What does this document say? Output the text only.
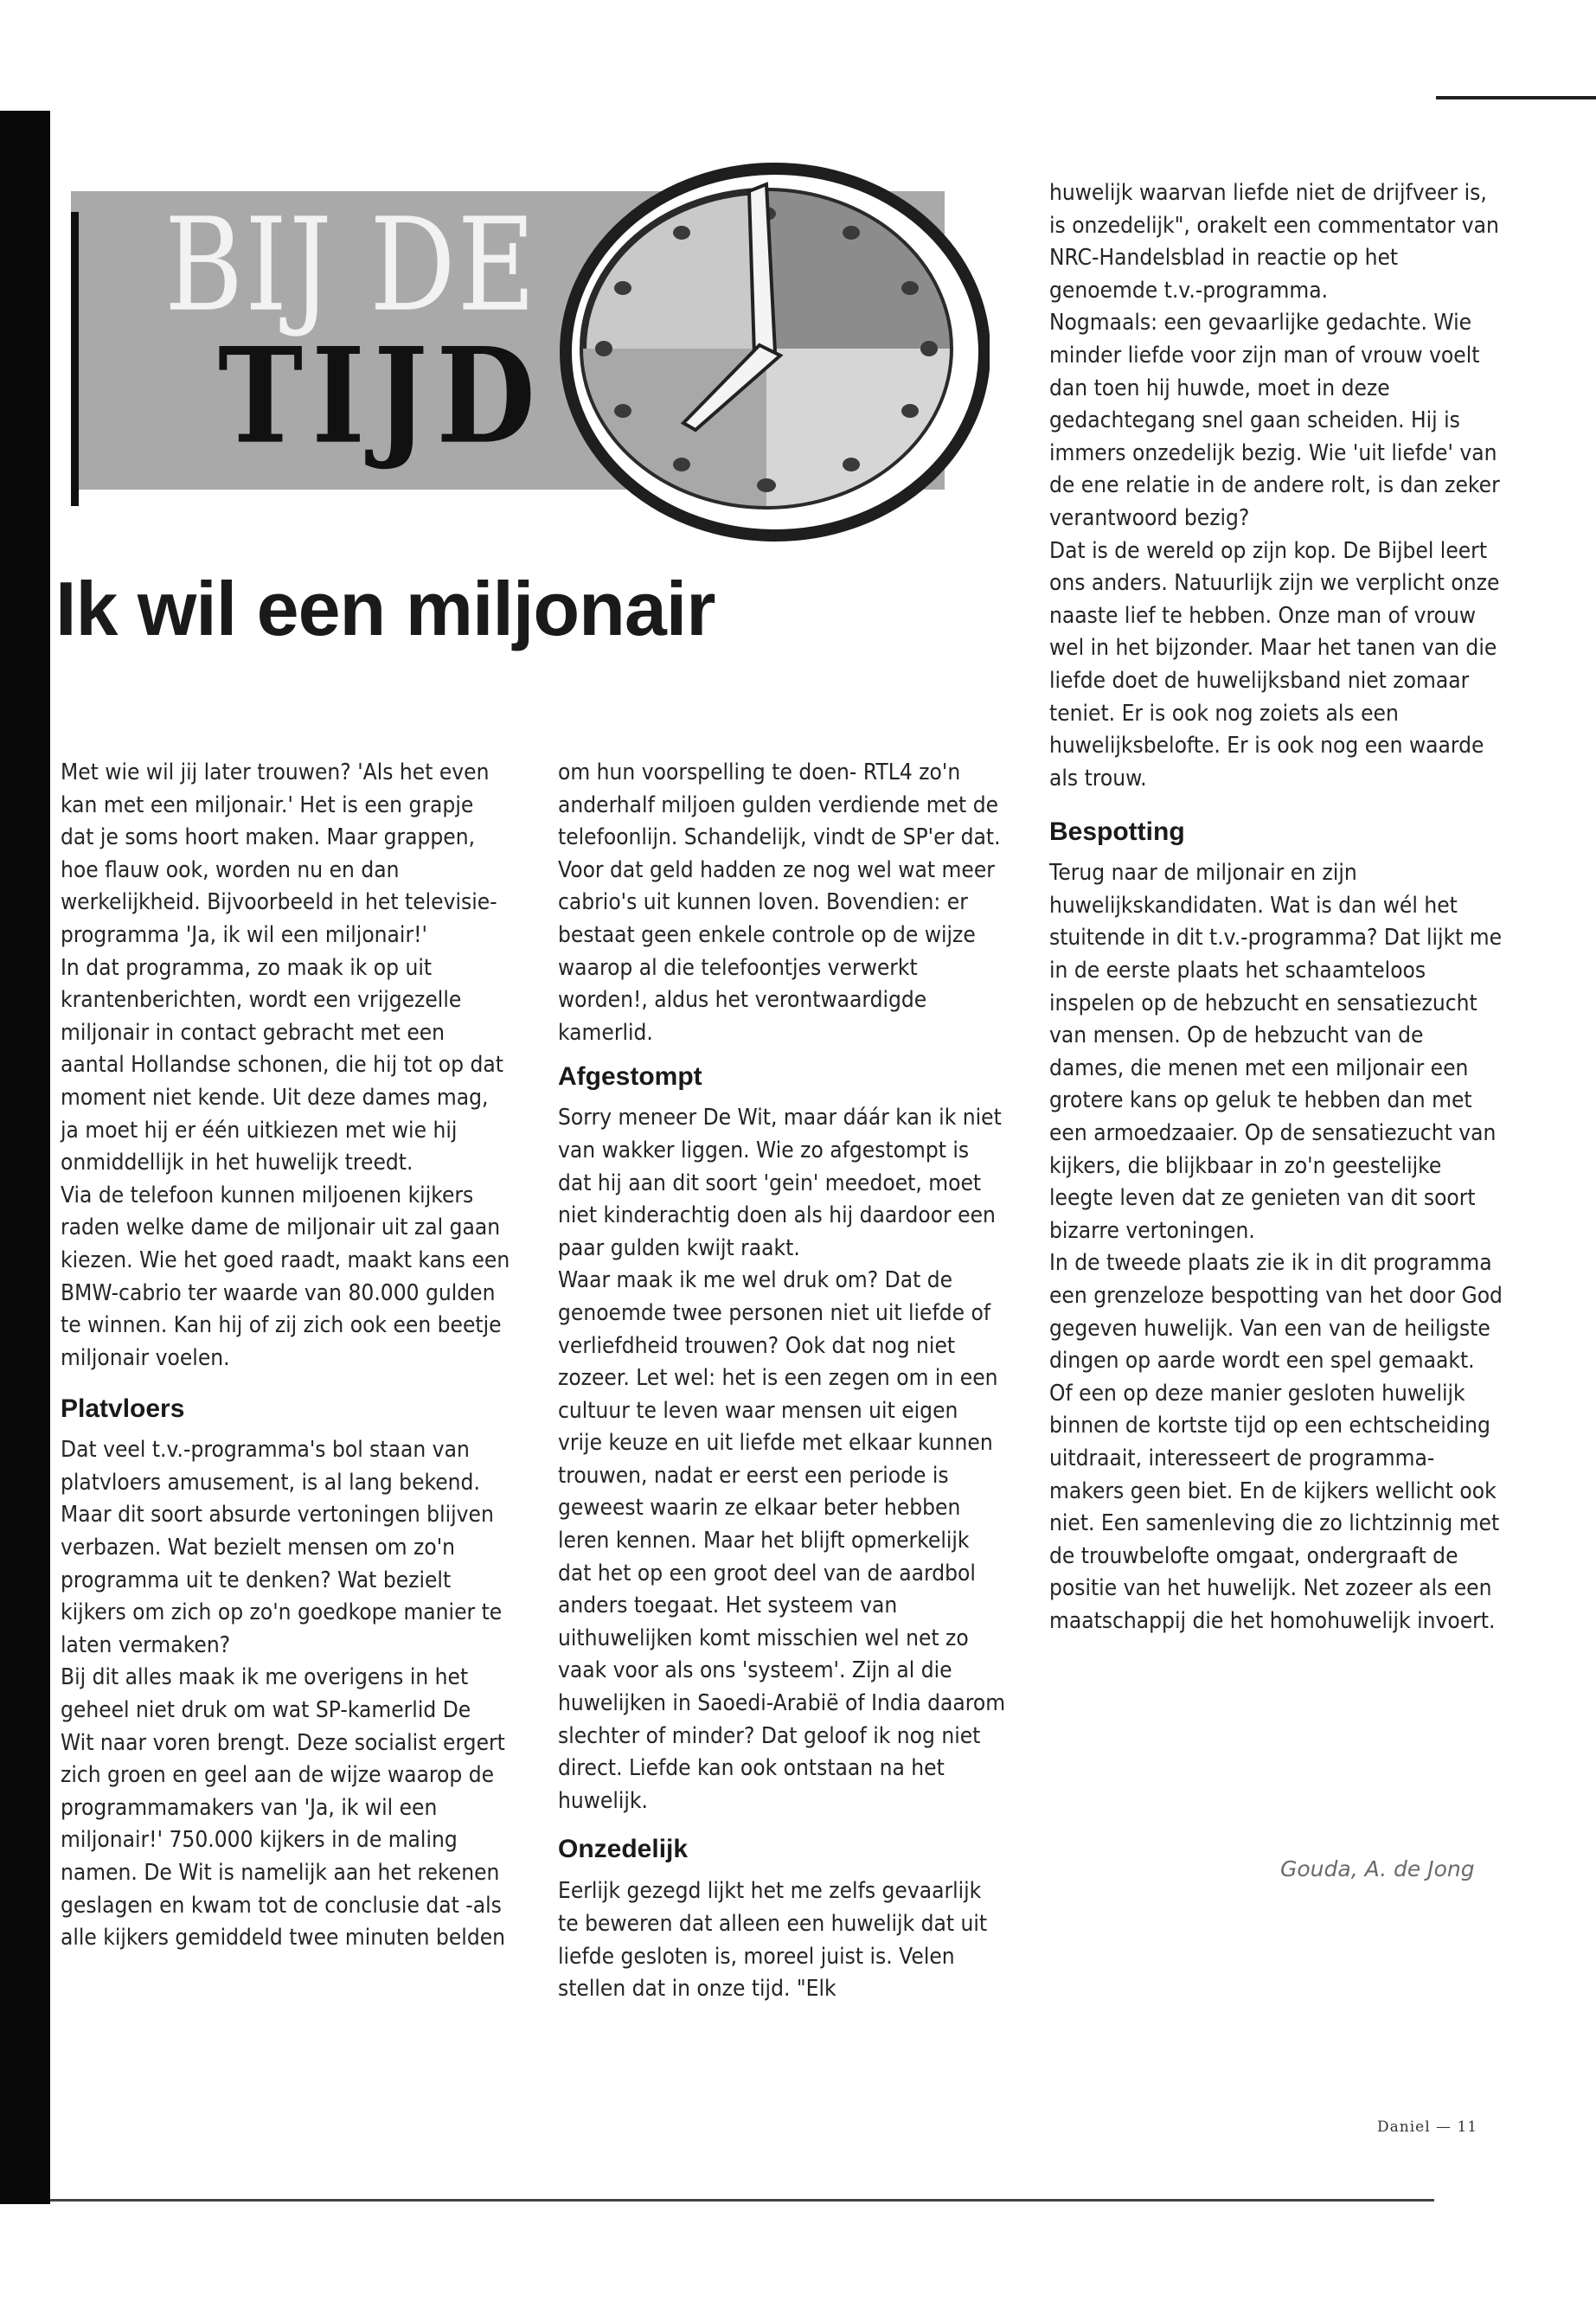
BIJ DE
TIJD
Ik wil een miljonair

Met wie wil jij later trouwen? 'Als het even kan met een miljonair.' Het is een grapje dat je soms hoort maken. Maar grappen, hoe flauw ook, worden nu en dan werkelijkheid. Bijvoorbeeld in het televisie-programma 'Ja, ik wil een miljonair!'

In dat programma, zo maak ik op uit krantenberichten, wordt een vrijgezelle miljonair in contact gebracht met een aantal Hollandse schonen, die hij tot op dat moment niet kende. Uit deze dames mag, ja moet hij er één uitkiezen met wie hij onmiddellijk in het huwelijk treedt.

Via de telefoon kunnen miljoenen kijkers raden welke dame de miljonair uit zal gaan kiezen. Wie het goed raadt, maakt kans een BMW-cabrio ter waarde van 80.000 gulden te winnen. Kan hij of zij zich ook een beetje miljonair voelen.

Platvloers

Dat veel t.v.-programma's bol staan van platvloers amusement, is al lang bekend. Maar dit soort absurde vertoningen blijven verbazen. Wat bezielt mensen om zo'n programma uit te denken? Wat bezielt kijkers om zich op zo'n goedkope manier te laten vermaken?

Bij dit alles maak ik me overigens in het geheel niet druk om wat SP-kamerlid De Wit naar voren brengt. Deze socialist ergert zich groen en geel aan de wijze waarop de programmamakers van 'Ja, ik wil een miljonair!' 750.000 kijkers in de maling namen. De Wit is namelijk aan het rekenen geslagen en kwam tot de conclusie dat -als alle kijkers gemiddeld twee minuten belden

om hun voorspelling te doen- RTL4 zo'n anderhalf miljoen gulden verdiende met de telefoonlijn. Schandelijk, vindt de SP'er dat. Voor dat geld hadden ze nog wel wat meer cabrio's uit kunnen loven. Bovendien: er bestaat geen enkele controle op de wijze waarop al die telefoontjes verwerkt worden!, aldus het verontwaardigde kamerlid.

Afgestompt

Sorry meneer De Wit, maar dáár kan ik niet van wakker liggen. Wie zo afgestompt is dat hij aan dit soort 'gein' meedoet, moet niet kinderachtig doen als hij daardoor een paar gulden kwijt raakt.

Waar maak ik me wel druk om? Dat de genoemde twee personen niet uit liefde of verliefdheid trouwen? Ook dat nog niet zozeer. Let wel: het is een zegen om in een cultuur te leven waar mensen uit eigen vrije keuze en uit liefde met elkaar kunnen trouwen, nadat er eerst een periode is geweest waarin ze elkaar beter hebben leren kennen. Maar het blijft opmerkelijk dat het op een groot deel van de aardbol anders toegaat. Het systeem van uithuwelijken komt misschien wel net zo vaak voor als ons 'systeem'. Zijn al die huwelijken in Saoedi-Arabië of India daarom slechter of minder? Dat geloof ik nog niet direct. Liefde kan ook ontstaan na het huwelijk.

Onzedelijk

Eerlijk gezegd lijkt het me zelfs gevaarlijk te beweren dat alleen een huwelijk dat uit liefde gesloten is, moreel juist is. Velen stellen dat in onze tijd. "Elk

huwelijk waarvan liefde niet de drijfveer is, is onzedelijk", orakelt een commentator van NRC-Handelsblad in reactie op het genoemde t.v.-programma.

Nogmaals: een gevaarlijke gedachte. Wie minder liefde voor zijn man of vrouw voelt dan toen hij huwde, moet in deze gedachtegang snel gaan scheiden. Hij is immers onzedelijk bezig. Wie 'uit liefde' van de ene relatie in de andere rolt, is dan zeker verantwoord bezig?

Dat is de wereld op zijn kop. De Bijbel leert ons anders. Natuurlijk zijn we verplicht onze naaste lief te hebben. Onze man of vrouw wel in het bijzonder. Maar het tanen van die liefde doet de huwelijksband niet zomaar teniet. Er is ook nog zoiets als een huwelijksbelofte. Er is ook nog een waarde als trouw.

Bespotting

Terug naar de miljonair en zijn huwelijkskandidaten. Wat is dan wél het stuitende in dit t.v.-programma? Dat lijkt me in de eerste plaats het schaamteloos inspelen op de hebzucht en sensatiezucht van mensen. Op de hebzucht van de dames, die menen met een miljonair een grotere kans op geluk te hebben dan met een armoedzaaier. Op de sensatiezucht van kijkers, die blijkbaar in zo'n geestelijke leegte leven dat ze genieten van dit soort bizarre vertoningen.

In de tweede plaats zie ik in dit programma een grenzeloze bespotting van het door God gegeven huwelijk. Van een van de heiligste dingen op aarde wordt een spel gemaakt. Of een op deze manier gesloten huwelijk binnen de kortste tijd op een echtscheiding uitdraait, interesseert de programma-makers geen biet. En de kijkers wellicht ook niet. Een samenleving die zo lichtzinnig met de trouwbelofte omgaat, ondergraaft de positie van het huwelijk. Net zozeer als een maatschappij die het homohuwelijk invoert.

Gouda, A. de Jong

Daniel — 11
